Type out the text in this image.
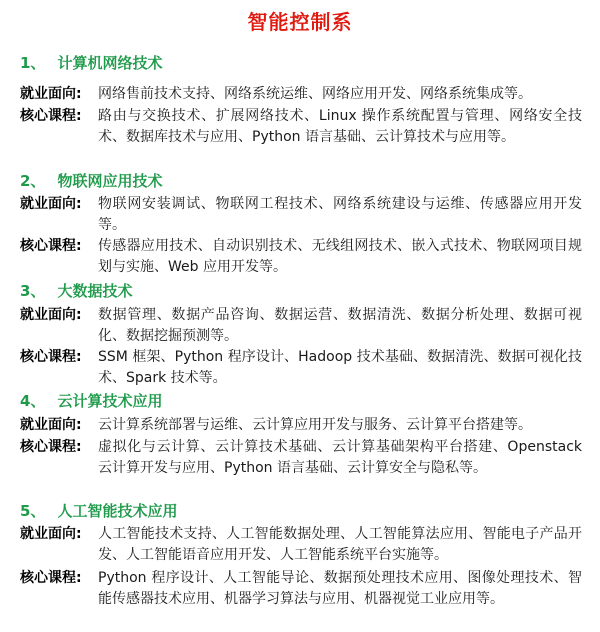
智能控制系
1、 计算机网络技术
就业面向: 网络售前技术支持、网络系统运维、网络应用开发、网络系统集成等。
核心课程: 路由与交换技术、扩展网络技术、Linux 操作系统配置与管理、网络安全技术、数据库技术与应用、Python 语言基础、云计算技术与应用等。
2、 物联网应用技术
就业面向: 物联网安装调试、物联网工程技术、网络系统建设与运维、传感器应用开发等。
核心课程: 传感器应用技术、自动识别技术、无线组网技术、嵌入式技术、物联网项目规划与实施、Web 应用开发等。
3、 大数据技术
就业面向: 数据管理、数据产品咨询、数据运营、数据清洗、数据分析处理、数据可视化、数据挖掘预测等。
核心课程: SSM 框架、Python 程序设计、Hadoop 技术基础、数据清洗、数据可视化技术、Spark 技术等。
4、 云计算技术应用
就业面向: 云计算系统部署与运维、云计算应用开发与服务、云计算平台搭建等。
核心课程: 虚拟化与云计算、云计算技术基础、云计算基础架构平台搭建、Openstack 云计算开发与应用、Python 语言基础、云计算安全与隐私等。
5、 人工智能技术应用
就业面向: 人工智能技术支持、人工智能数据处理、人工智能算法应用、智能电子产品开发、人工智能语音应用开发、人工智能系统平台实施等。
核心课程: Python 程序设计、人工智能导论、数据预处理技术应用、图像处理技术、智能传感器技术应用、机器学习算法与应用、机器视觉工业应用等。
